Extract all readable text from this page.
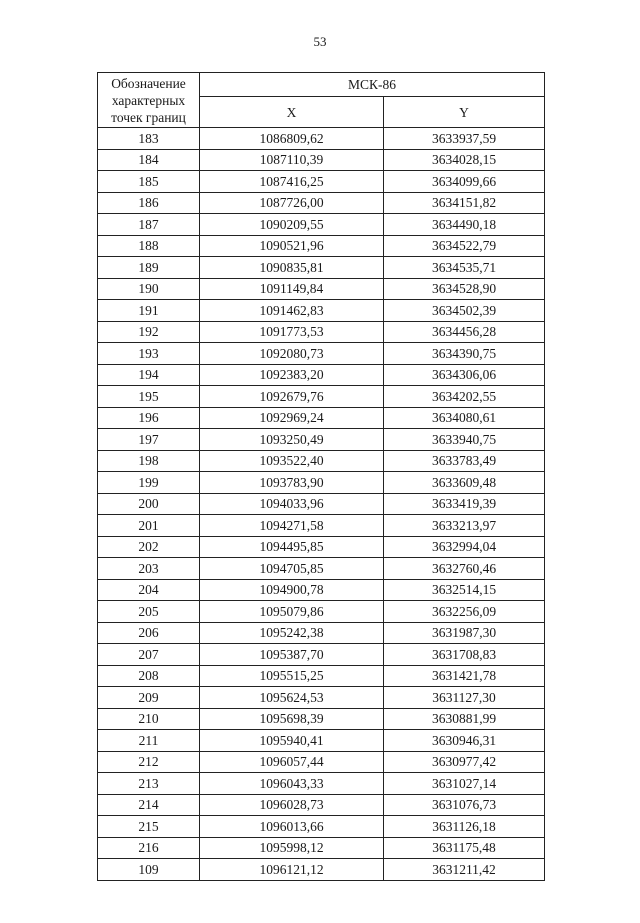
53
Обозначение характерных точек границ	МСК-86	
	X	Y
183	1086809,62	3633937,59
184	1087110,39	3634028,15
185	1087416,25	3634099,66
186	1087726,00	3634151,82
187	1090209,55	3634490,18
188	1090521,96	3634522,79
189	1090835,81	3634535,71
190	1091149,84	3634528,90
191	1091462,83	3634502,39
192	1091773,53	3634456,28
193	1092080,73	3634390,75
194	1092383,20	3634306,06
195	1092679,76	3634202,55
196	1092969,24	3634080,61
197	1093250,49	3633940,75
198	1093522,40	3633783,49
199	1093783,90	3633609,48
200	1094033,96	3633419,39
201	1094271,58	3633213,97
202	1094495,85	3632994,04
203	1094705,85	3632760,46
204	1094900,78	3632514,15
205	1095079,86	3632256,09
206	1095242,38	3631987,30
207	1095387,70	3631708,83
208	1095515,25	3631421,78
209	1095624,53	3631127,30
210	1095698,39	3630881,99
211	1095940,41	3630946,31
212	1096057,44	3630977,42
213	1096043,33	3631027,14
214	1096028,73	3631076,73
215	1096013,66	3631126,18
216	1095998,12	3631175,48
109	1096121,12	3631211,42
